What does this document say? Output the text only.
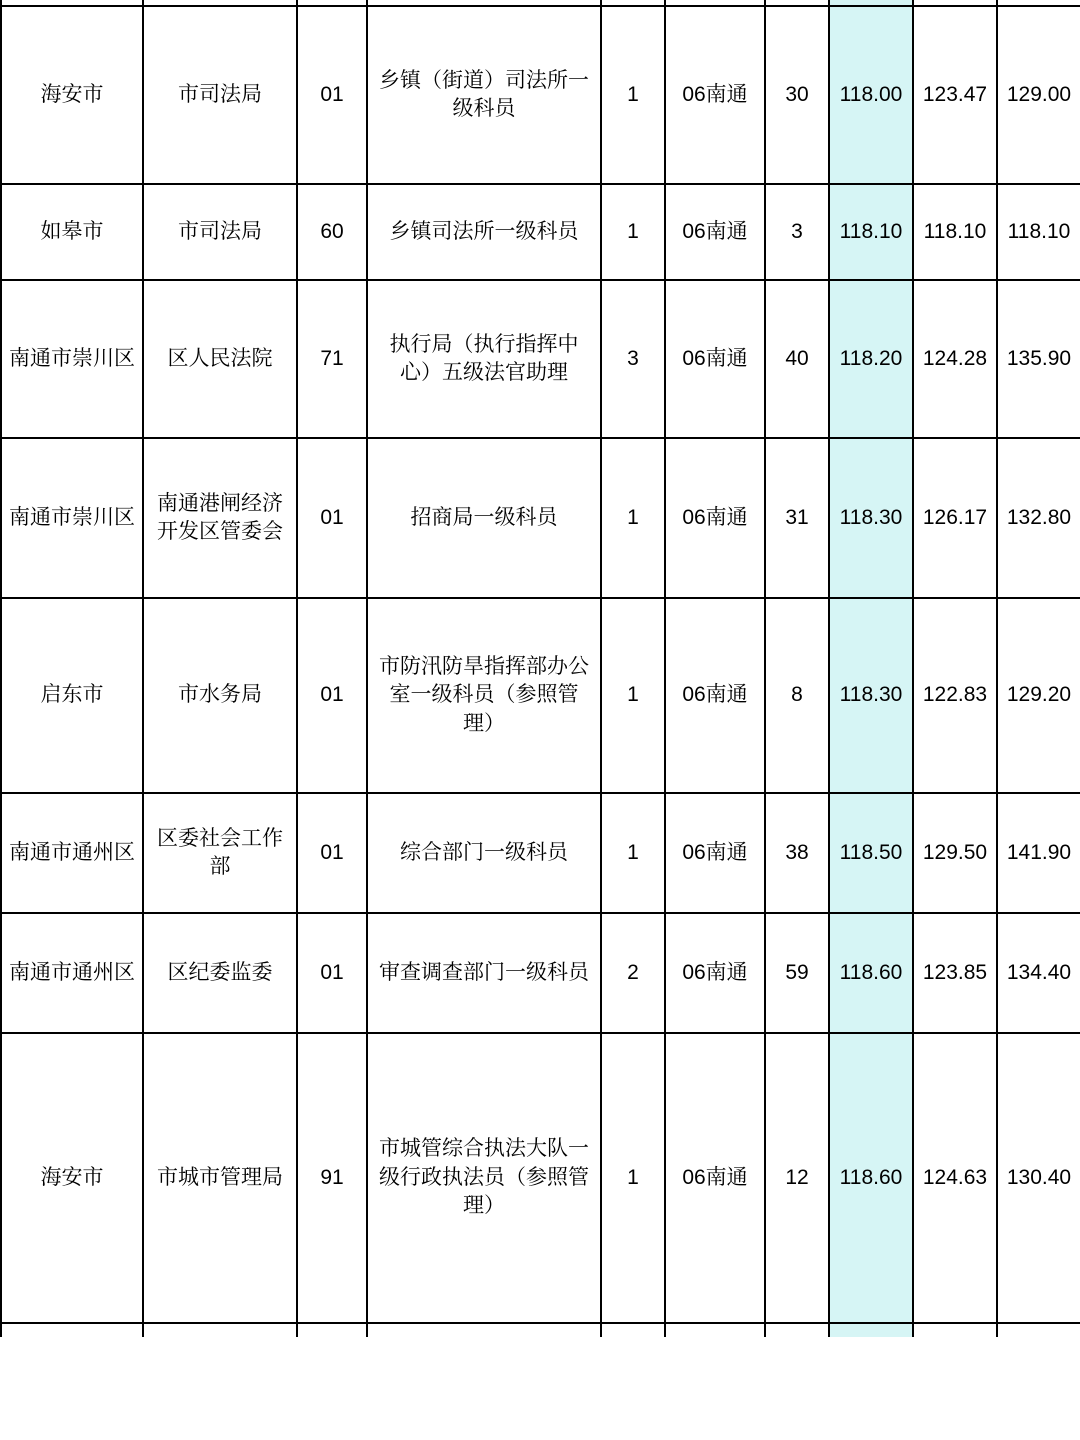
海安市	市司法局	01	乡镇（街道）司法所一级科员	1	06南通	30	118.00	123.47	129.00
如皋市	市司法局	60	乡镇司法所一级科员	1	06南通	3	118.10	118.10	118.10
南通市崇川区	区人民法院	71	执行局（执行指挥中心）五级法官助理	3	06南通	40	118.20	124.28	135.90
南通市崇川区	南通港闸经济开发区管委会	01	招商局一级科员	1	06南通	31	118.30	126.17	132.80
启东市	市水务局	01	市防汛防旱指挥部办公室一级科员（参照管理）	1	06南通	8	118.30	122.83	129.20
南通市通州区	区委社会工作部	01	综合部门一级科员	1	06南通	38	118.50	129.50	141.90
南通市通州区	区纪委监委	01	审查调查部门一级科员	2	06南通	59	118.60	123.85	134.40
海安市	市城市管理局	91	市城管综合执法大队一级行政执法员（参照管理）	1	06南通	12	118.60	124.63	130.40
